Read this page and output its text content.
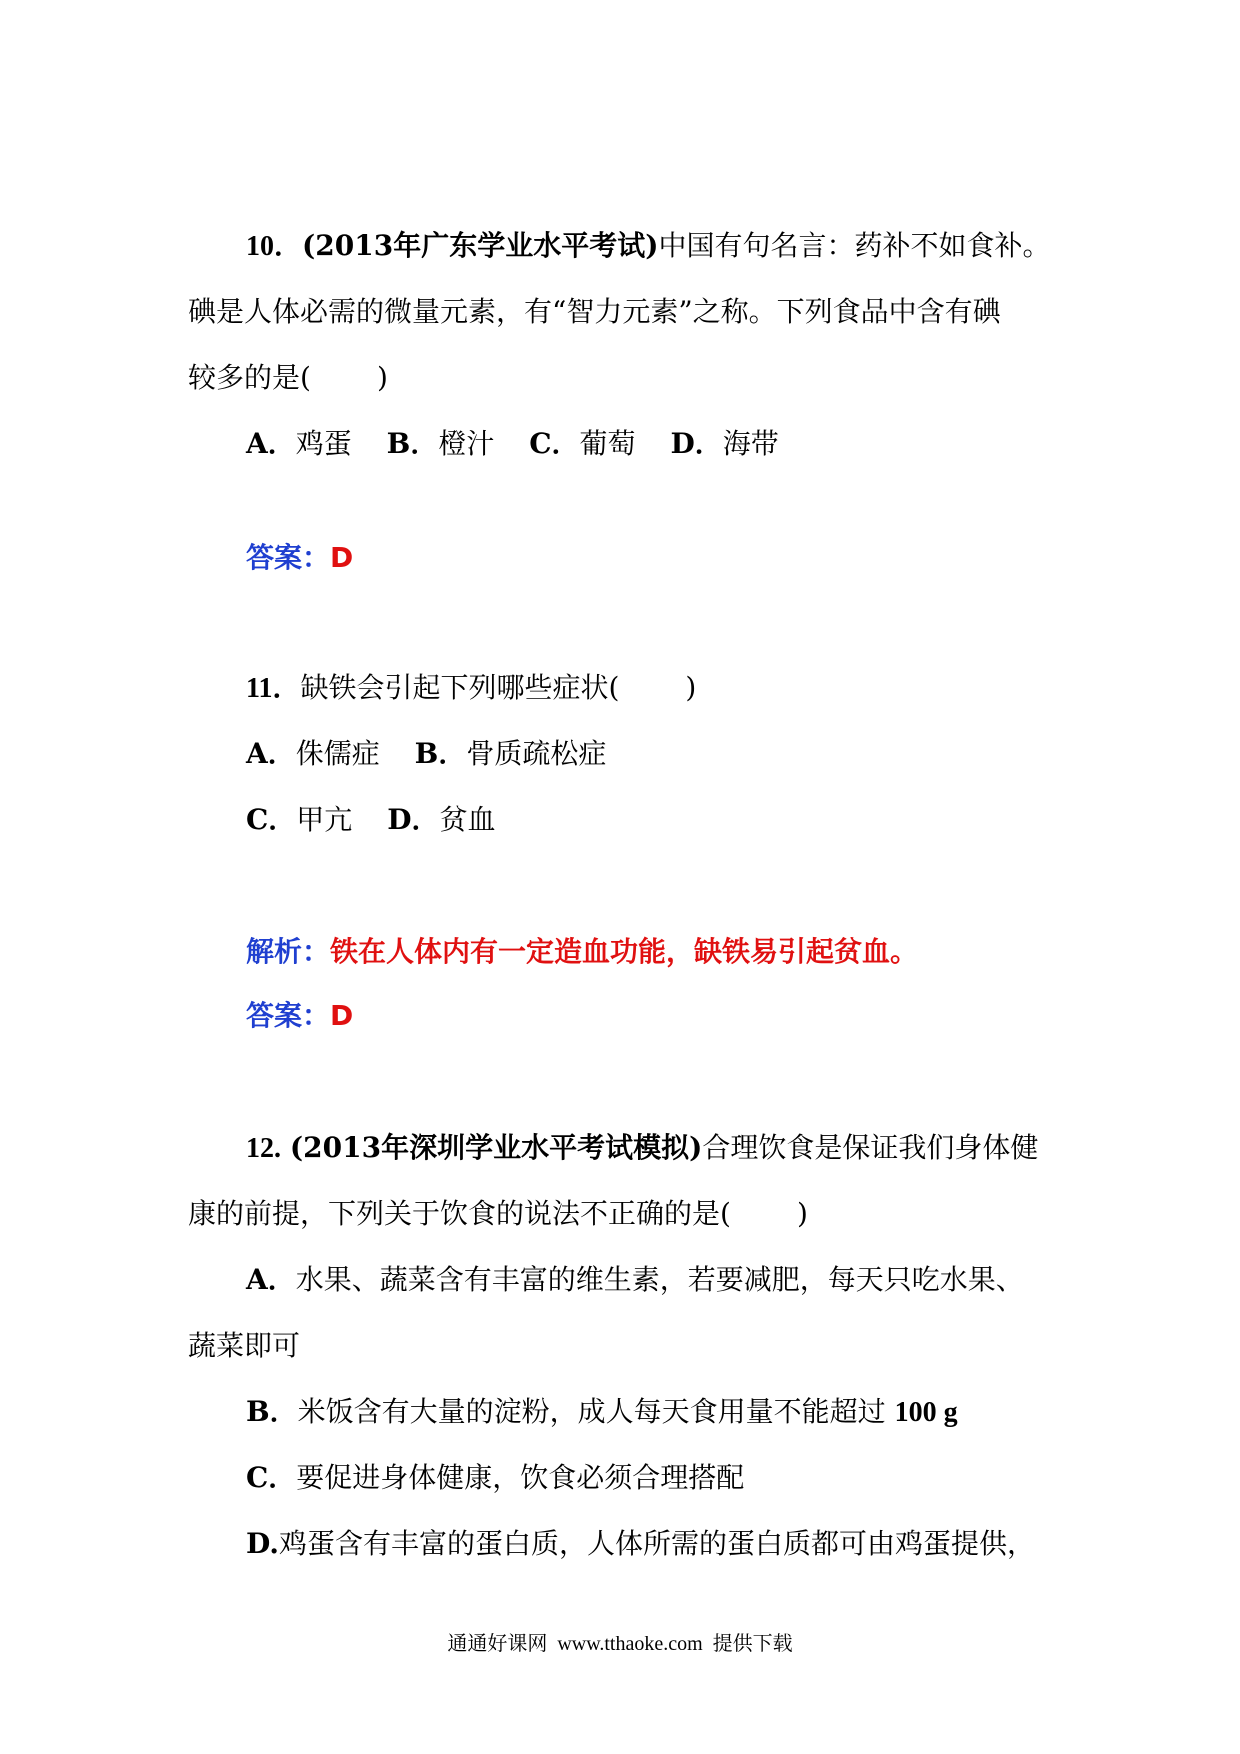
10．(2013年广东学业水平考试)中国有句名言：药补不如食补。
碘是人体必需的微量元素，有“智力元素”之称。下列食品中含有碘
较多的是( )
A．鸡蛋 B．橙汁 C．葡萄 D．海带
答案：D
11．缺铁会引起下列哪些症状( )
A．侏儒症 B．骨质疏松症
C．甲亢 D．贫血
解析：铁在人体内有一定造血功能，缺铁易引起贫血。
答案：D
12. (2013年深圳学业水平考试模拟)合理饮食是保证我们身体健
康的前提，下列关于饮食的说法不正确的是( )
A．水果、蔬菜含有丰富的维生素，若要减肥，每天只吃水果、
蔬菜即可
B．米饭含有大量的淀粉，成人每天食用量不能超过 100 g
C．要促进身体健康，饮食必须合理搭配
D.鸡蛋含有丰富的蛋白质，人体所需的蛋白质都可由鸡蛋提供，
通通好课网 www.tthaoke.com 提供下载
